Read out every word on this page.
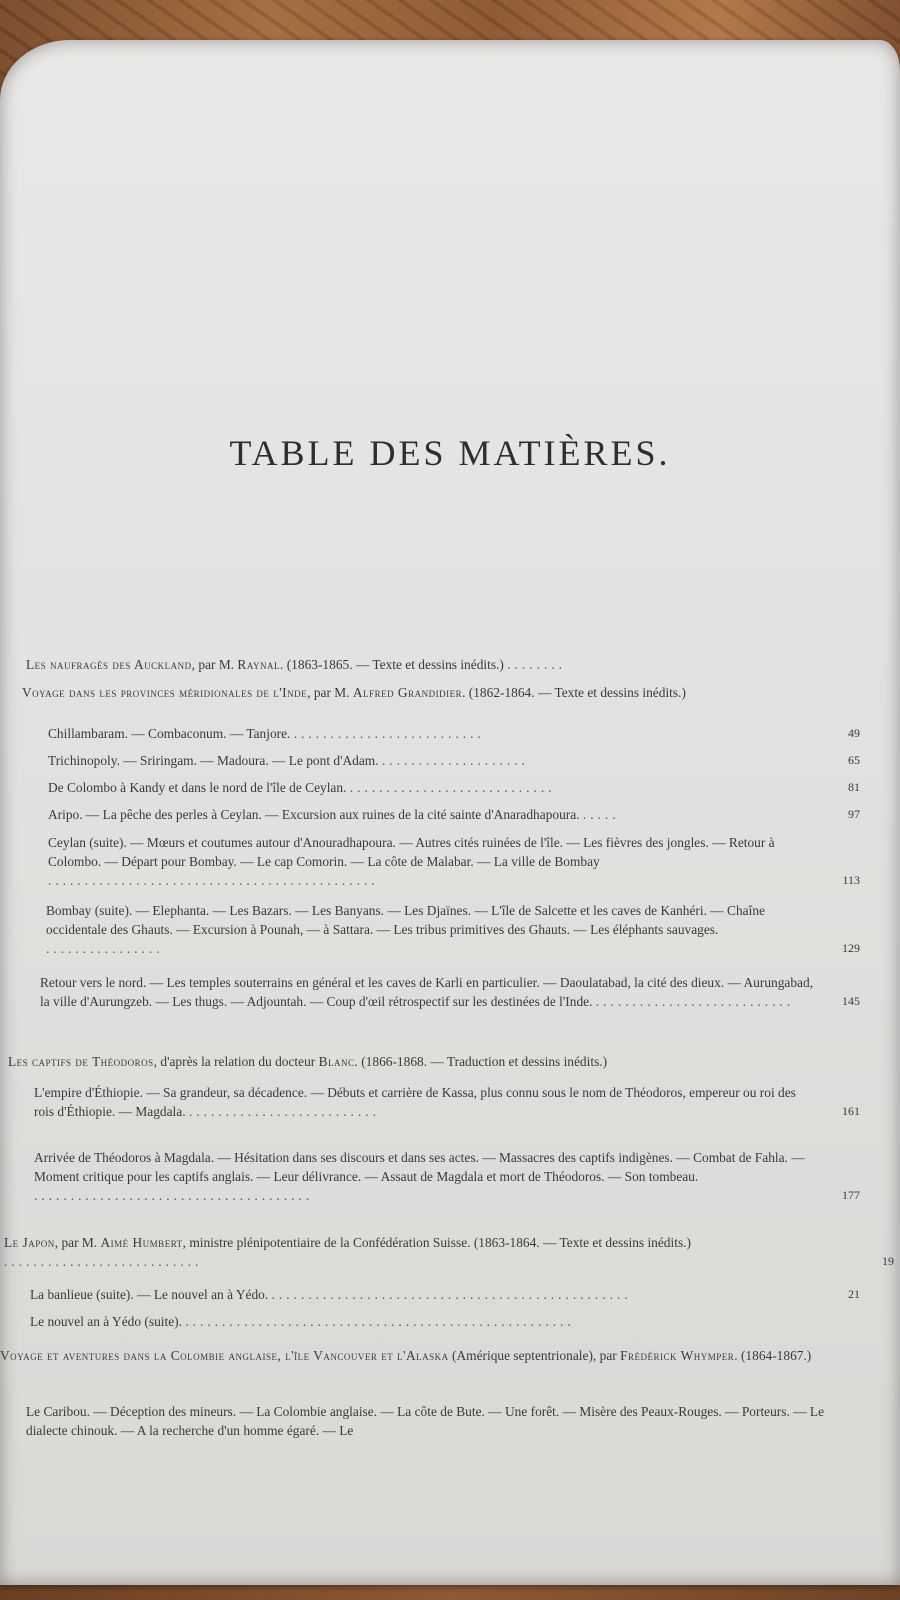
TABLE DES MATIÈRES.

Les naufragés des Auckland, par M. Raynal. (1863-1865. — Texte et dessins inédits.) ........

Voyage dans les provinces méridionales de l'Inde, par M. Alfred Grandidier. (1862-1864. — Texte et dessins inédits.)

Chillambaram. — Combaconum. — Tanjore. ..........................	49

Trichinopoly. — Sriringam. — Madoura. — Le pont d'Adam. ....................	65

De Colombo à Kandy et dans le nord de l'île de Ceylan. ............................	81

Aripo. — La pêche des perles à Ceylan. — Excursion aux ruines de la cité sainte d'Anaradhapoura. .....	97

Ceylan (suite). — Mœurs et coutumes autour d'Anouradhapoura. — Autres cités ruinées de l'île. — Les fièvres des jongles. — Retour à Colombo. — Départ pour Bombay. — Le cap Comorin. — La côte de Malabar. — La ville de Bombay .............................................	113

Bombay (suite). — Elephanta. — Les Bazars. — Les Banyans. — Les Djaïnes. — L'île de Salcette et les caves de Kanhéri. — Chaîne occidentale des Ghauts. — Excursion à Pounah, — à Sattara. — Les tribus primitives des Ghauts. — Les éléphants sauvages. ................	129

Retour vers le nord. — Les temples souterrains en général et les caves de Karli en particulier. — Daoulatabad, la cité des dieux. — Aurungabad, la ville d'Aurungzeb. — Les thugs. — Adjountah. — Coup d'œil rétrospectif sur les destinées de l'Inde. ...........................	145

Les captifs de Théodoros, d'après la relation du docteur Blanc. (1866-1868. — Traduction et dessins inédits.)

L'empire d'Éthiopie. — Sa grandeur, sa décadence. — Débuts et carrière de Kassa, plus connu sous le nom de Théodoros, empereur ou roi des rois d'Éthiopie. — Magdala. ..........................	161

Arrivée de Théodoros à Magdala. — Hésitation dans ses discours et dans ses actes. — Massacres des captifs indigènes. — Combat de Fahla. — Moment critique pour les captifs anglais. — Leur délivrance. — Assaut de Magdala et mort de Théodoros. — Son tombeau. ......................................	177

Le Japon, par M. Aimé Humbert, ministre plénipotentiaire de la Confédération Suisse. (1863-1864. — Texte et dessins inédits.) ...........................	19

La banlieue (suite). — Le nouvel an à Yédo. .................................................	21

Le nouvel an à Yédo (suite). .....................................................

Voyage et aventures dans la Colombie anglaise, l'île Vancouver et l'Alaska (Amérique septentrionale), par Frédérick Whymper. (1864-1867.)

Le Caribou. — Déception des mineurs. — La Colombie anglaise. — La côte de Bute. — Une forêt. — Misère des Peaux-Rouges. — Porteurs. — Le dialecte chinouk. — A la recherche d'un homme égaré. — Le
